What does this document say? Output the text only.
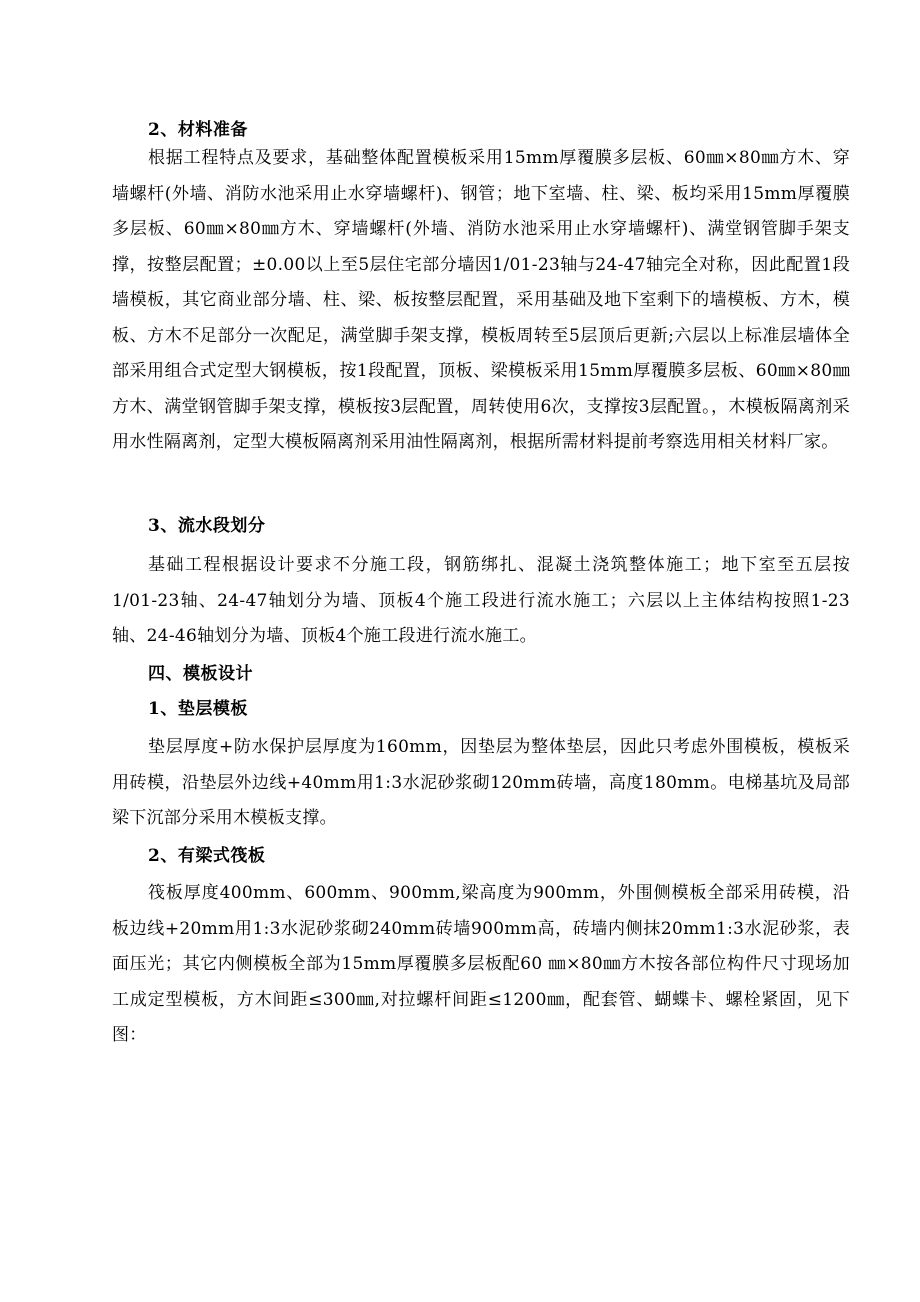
2、材料准备

根据工程特点及要求，基础整体配置模板采用15mm厚覆膜多层板、60㎜×80㎜方木、穿墙螺杆(外墙、消防水池采用止水穿墙螺杆)、钢管；地下室墙、柱、梁、板均采用15mm厚覆膜多层板、60㎜×80㎜方木、穿墙螺杆(外墙、消防水池采用止水穿墙螺杆)、满堂钢管脚手架支撑，按整层配置；±0.00以上至5层住宅部分墙因1/01-23轴与24-47轴完全对称，因此配置1段墙模板，其它商业部分墙、柱、梁、板按整层配置，采用基础及地下室剩下的墙模板、方木，模板、方木不足部分一次配足，满堂脚手架支撑，模板周转至5层顶后更新;六层以上标准层墙体全部采用组合式定型大钢模板，按1段配置，顶板、梁模板采用15mm厚覆膜多层板、60㎜×80㎜方木、满堂钢管脚手架支撑，模板按3层配置，周转使用6次，支撑按3层配置。，木模板隔离剂采用水性隔离剂，定型大模板隔离剂采用油性隔离剂，根据所需材料提前考察选用相关材料厂家。

3、流水段划分

基础工程根据设计要求不分施工段，钢筋绑扎、混凝土浇筑整体施工；地下室至五层按1/01-23轴、24-47轴划分为墙、顶板4个施工段进行流水施工；六层以上主体结构按照1-23轴、24-46轴划分为墙、顶板4个施工段进行流水施工。

四、模板设计
1、垫层模板

垫层厚度+防水保护层厚度为160mm，因垫层为整体垫层，因此只考虑外围模板，模板采用砖模，沿垫层外边线+40mm用1:3水泥砂浆砌120mm砖墙，高度180mm。电梯基坑及局部梁下沉部分采用木模板支撑。

2、有梁式筏板

筏板厚度400mm、600mm、900mm,梁高度为900mm，外围侧模板全部采用砖模，沿板边线+20mm用1:3水泥砂浆砌240mm砖墙900mm高，砖墙内侧抹20mm1:3水泥砂浆，表面压光；其它内侧模板全部为15mm厚覆膜多层板配60 ㎜×80㎜方木按各部位构件尺寸现场加工成定型模板，方木间距≤300㎜,对拉螺杆间距≤1200㎜，配套管、蝴蝶卡、螺栓紧固，见下图：
